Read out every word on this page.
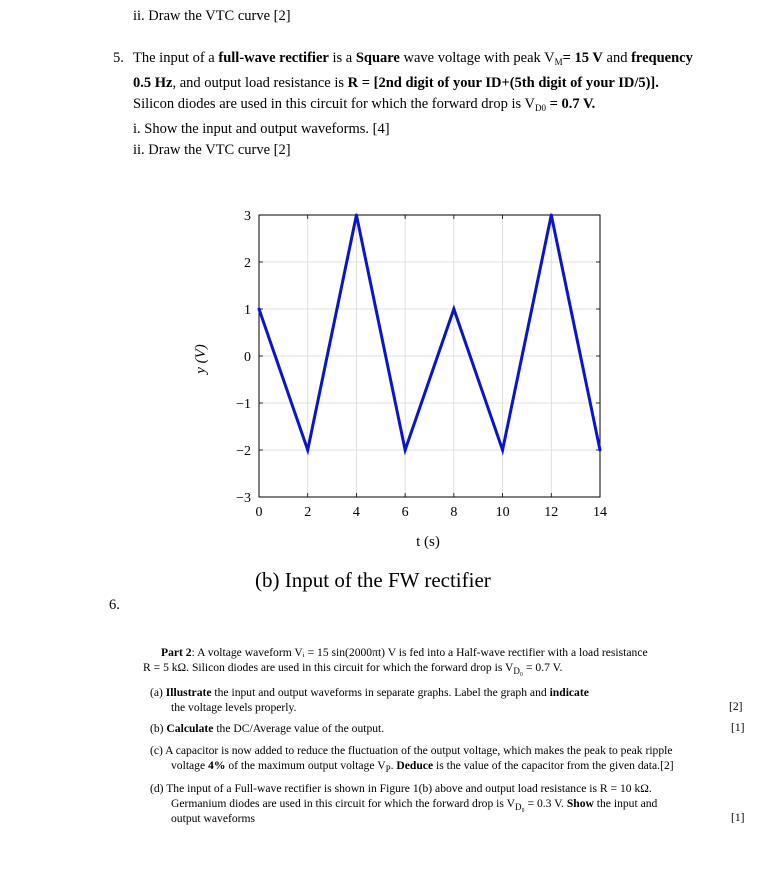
ii. Draw the VTC curve [2]
5. The input of a full-wave rectifier is a Square wave voltage with peak $V_M= 15$ V and frequency
0.5 Hz, and output load resistance is R = [2nd digit of your ID+(5th digit of your ID/5)].
Silicon diodes are used in this circuit for which the forward drop is $V_{D0} = 0.7$ V.
i. Show the input and output waveforms. [4]
ii. Draw the VTC curve [2]
0	2	4	6	8	10 12 14
3
2
1
0
−1
−2
−3
t (s)
y (V)
(b) Input of the FW rectifier
6.
Part 2: A voltage waveform Vᵢ = 15 sin(2000πt) V is fed into a Half-wave rectifier with a load resistance
R = 5 kΩ. Silicon diodes are used in this circuit for which the forward drop is $V_{D_0} = 0.7$ V.
(a) Illustrate the input and output waveforms in separate graphs. Label the graph and indicate
the voltage levels properly.	[2]
(b) Calculate the DC/Average value of the output.	[1]
(c) A capacitor is now added to reduce the fluctuation of the output voltage, which makes the peak to peak ripple
voltage 4% of the maximum output voltage $V_P$. Deduce is the value of the capacitor from the given data.[2]
(d) The input of a Full-wave rectifier is shown in Figure 1(b) above and output load resistance is R = 10 kΩ.
Germanium diodes are used in this circuit for which the forward drop is $V_{D_0} = 0.3$ V. Show the input and
output waveforms	[1]
